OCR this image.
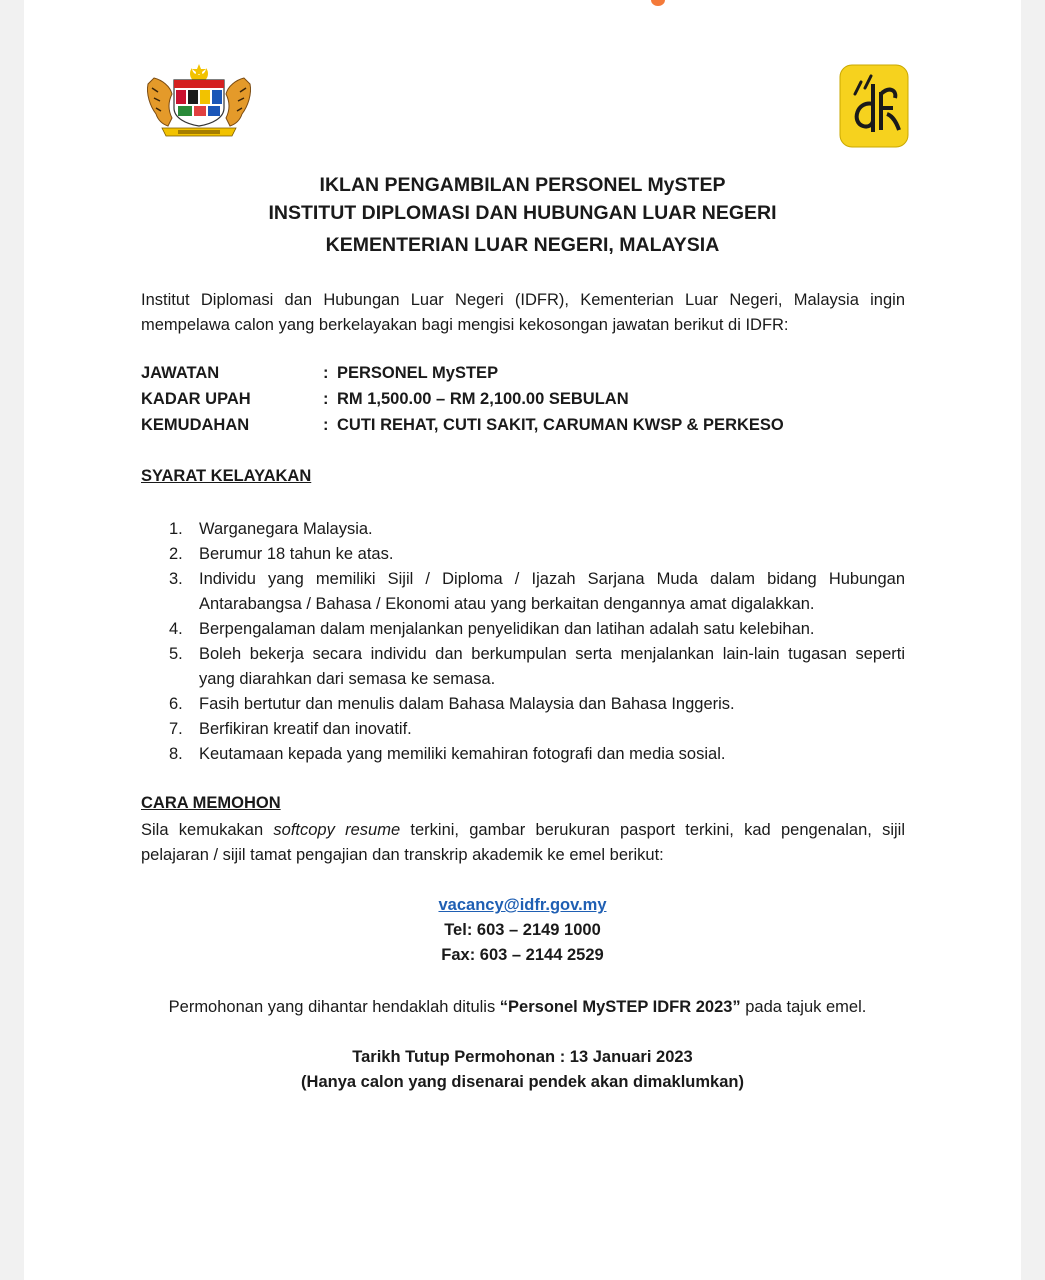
IKLAN PENGAMBILAN PERSONEL MySTEP
INSTITUT DIPLOMASI DAN HUBUNGAN LUAR NEGERI
KEMENTERIAN LUAR NEGERI, MALAYSIA
Institut Diplomasi dan Hubungan Luar Negeri (IDFR), Kementerian Luar Negeri, Malaysia ingin mempelawa calon yang berkelayakan bagi mengisi kekosongan jawatan berikut di IDFR:
JAWATAN	: PERSONEL MySTEP
KADAR UPAH	: RM 1,500.00 – RM 2,100.00 SEBULAN
KEMUDAHAN	: CUTI REHAT, CUTI SAKIT, CARUMAN KWSP & PERKESO
SYARAT KELAYAKAN
1. Warganegara Malaysia.
2. Berumur 18 tahun ke atas.
3. Individu yang memiliki Sijil / Diploma / Ijazah Sarjana Muda dalam bidang Hubungan Antarabangsa / Bahasa / Ekonomi atau yang berkaitan dengannya amat digalakkan.
4. Berpengalaman dalam menjalankan penyelidikan dan latihan adalah satu kelebihan.
5. Boleh bekerja secara individu dan berkumpulan serta menjalankan lain-lain tugasan seperti yang diarahkan dari semasa ke semasa.
6. Fasih bertutur dan menulis dalam Bahasa Malaysia dan Bahasa Inggeris.
7. Berfikiran kreatif dan inovatif.
8. Keutamaan kepada yang memiliki kemahiran fotografi dan media sosial.
CARA MEMOHON
Sila kemukakan softcopy resume terkini, gambar berukuran pasport terkini, kad pengenalan, sijil pelajaran / sijil tamat pengajian dan transkrip akademik ke emel berikut:
vacancy@idfr.gov.my
Tel: 603 – 2149 1000
Fax: 603 – 2144 2529
Permohonan yang dihantar hendaklah ditulis “Personel MySTEP IDFR 2023” pada tajuk emel.
Tarikh Tutup Permohonan : 13 Januari 2023
(Hanya calon yang disenarai pendek akan dimaklumkan)
